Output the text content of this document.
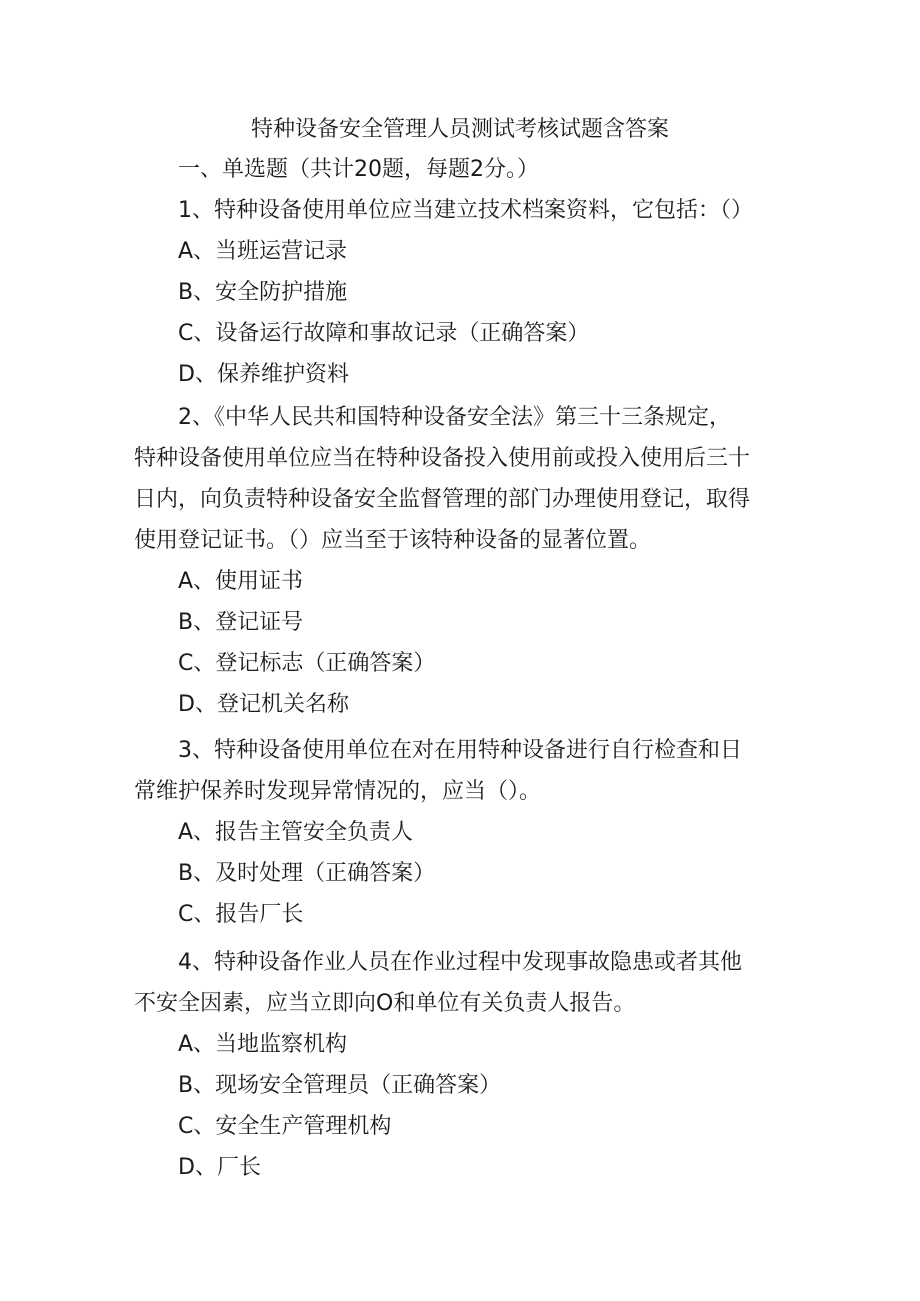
特种设备安全管理人员测试考核试题含答案
一、单选题（共计20题，每题2分。）
1、特种设备使用单位应当建立技术档案资料，它包括：（）
A、当班运营记录
B、安全防护措施
C、设备运行故障和事故记录（正确答案）
D、保养维护资料
2、《中华人民共和国特种设备安全法》第三十三条规定，
特种设备使用单位应当在特种设备投入使用前或投入使用后三十
日内，向负责特种设备安全监督管理的部门办理使用登记，取得
使用登记证书。（）应当至于该特种设备的显著位置。
A、使用证书
B、登记证号
C、登记标志（正确答案）
D、登记机关名称
3、特种设备使用单位在对在用特种设备进行自行检查和日
常维护保养时发现异常情况的，应当（）。
A、报告主管安全负责人
B、及时处理（正确答案）
C、报告厂长
4、特种设备作业人员在作业过程中发现事故隐患或者其他
不安全因素，应当立即向O和单位有关负责人报告。
A、当地监察机构
B、现场安全管理员（正确答案）
C、安全生产管理机构
D、厂长
